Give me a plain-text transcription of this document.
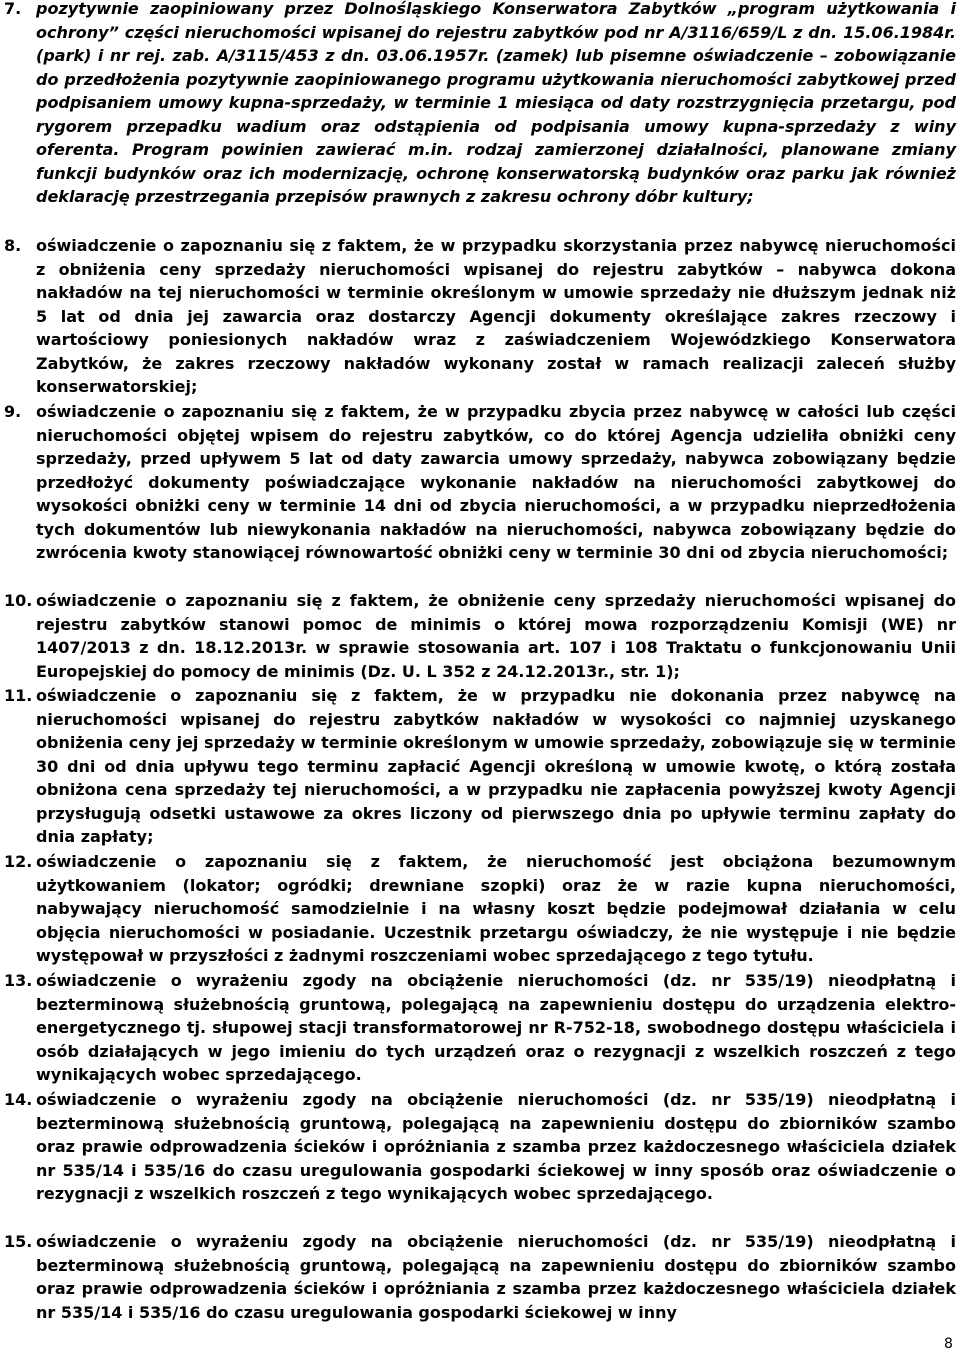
7. pozytywnie zaopiniowany przez Dolnośląskiego Konserwatora Zabytków „program użytkowania i ochrony” części nieruchomości wpisanej do rejestru zabytków pod nr A/3116/659/L z dn. 15.06.1984r. (park) i nr rej. zab. A/3115/453 z dn. 03.06.1957r. (zamek) lub pisemne oświadczenie – zobowiązanie do przedłożenia pozytywnie zaopiniowanego programu użytkowania nieruchomości zabytkowej przed podpisaniem umowy kupna-sprzedaży, w terminie 1 miesiąca od daty rozstrzygnięcia przetargu, pod rygorem przepadku wadium oraz odstąpienia od podpisania umowy kupna-sprzedaży z winy oferenta. Program powinien zawierać m.in. rodzaj zamierzonej działalności, planowane zmiany funkcji budynków oraz ich modernizację, ochronę konserwatorską budynków oraz parku jak również deklarację przestrzegania przepisów prawnych z zakresu ochrony dóbr kultury;
8. oświadczenie o zapoznaniu się z faktem, że w przypadku skorzystania przez nabywcę nieruchomości z obniżenia ceny sprzedaży nieruchomości wpisanej do rejestru zabytków – nabywca dokona nakładów na tej nieruchomości w terminie określonym w umowie sprzedaży nie dłuższym jednak niż 5 lat od dnia jej zawarcia oraz dostarczy Agencji dokumenty określające zakres rzeczowy i wartościowy poniesionych nakładów wraz z zaświadczeniem Wojewódzkiego Konserwatora Zabytków, że zakres rzeczowy nakładów wykonany został w ramach realizacji zaleceń służby konserwatorskiej;
9. oświadczenie o zapoznaniu się z faktem, że w przypadku zbycia przez nabywcę w całości lub części nieruchomości objętej wpisem do rejestru zabytków, co do której Agencja udzieliła obniżki ceny sprzedaży, przed upływem 5 lat od daty zawarcia umowy sprzedaży, nabywca zobowiązany będzie przedłożyć dokumenty poświadczające wykonanie nakładów na nieruchomości zabytkowej do wysokości obniżki ceny w terminie 14 dni od zbycia nieruchomości, a w przypadku nieprzedłożenia tych dokumentów lub niewykonania nakładów na nieruchomości, nabywca zobowiązany będzie do zwrócenia kwoty stanowiącej równowartość obniżki ceny w terminie 30 dni od zbycia nieruchomości;
10. oświadczenie o zapoznaniu się z faktem, że obniżenie ceny sprzedaży nieruchomości wpisanej do rejestru zabytków stanowi pomoc de minimis o której mowa rozporządzeniu Komisji (WE) nr 1407/2013 z dn. 18.12.2013r. w sprawie stosowania art. 107 i 108 Traktatu o funkcjonowaniu Unii Europejskiej do pomocy de minimis (Dz. U. L 352 z 24.12.2013r., str. 1);
11. oświadczenie o zapoznaniu się z faktem, że w przypadku nie dokonania przez nabywcę na nieruchomości wpisanej do rejestru zabytków nakładów w wysokości co najmniej uzyskanego obniżenia ceny jej sprzedaży w terminie określonym w umowie sprzedaży, zobowiązuje się w terminie 30 dni od dnia upływu tego terminu zapłacić Agencji określoną w umowie kwotę, o którą została obniżona cena sprzedaży tej nieruchomości, a w przypadku nie zapłacenia powyższej kwoty Agencji przysługują odsetki ustawowe za okres liczony od pierwszego dnia po upływie terminu zapłaty do dnia zapłaty;
12. oświadczenie o zapoznaniu się z faktem, że nieruchomość jest obciążona bezumownym użytkowaniem (lokator; ogródki; drewniane szopki) oraz że w razie kupna nieruchomości, nabywający nieruchomość samodzielnie i na własny koszt będzie podejmował działania w celu objęcia nieruchomości w posiadanie. Uczestnik przetargu oświadczy, że nie występuje i nie będzie występował w przyszłości z żadnymi roszczeniami wobec sprzedającego z tego tytułu.
13. oświadczenie o wyrażeniu zgody na obciążenie nieruchomości (dz. nr 535/19) nieodpłatną i bezterminową służebnością gruntową, polegającą na zapewnieniu dostępu do urządzenia elektro-energetycznego tj. słupowej stacji transformatorowej nr R-752-18, swobodnego dostępu właściciela i osób działających w jego imieniu do tych urządzeń oraz o rezygnacji z wszelkich roszczeń z tego wynikających wobec sprzedającego.
14. oświadczenie o wyrażeniu zgody na obciążenie nieruchomości (dz. nr 535/19) nieodpłatną i bezterminową służebnością gruntową, polegającą na zapewnieniu dostępu do zbiorników szambo oraz prawie odprowadzenia ścieków i opróżniania z szamba przez każdoczesnego właściciela działek nr 535/14 i 535/16 do czasu uregulowania gospodarki ściekowej w inny sposób oraz oświadczenie o rezygnacji z wszelkich roszczeń z tego wynikających wobec sprzedającego.
15. oświadczenie o wyrażeniu zgody na obciążenie nieruchomości (dz. nr 535/19) nieodpłatną i bezterminową służebnością gruntową, polegającą na zapewnieniu dostępu do zbiorników szambo oraz prawie odprowadzenia ścieków i opróżniania z szamba przez każdoczesnego właściciela działek nr 535/14 i 535/16 do czasu uregulowania gospodarki ściekowej w inny
8
